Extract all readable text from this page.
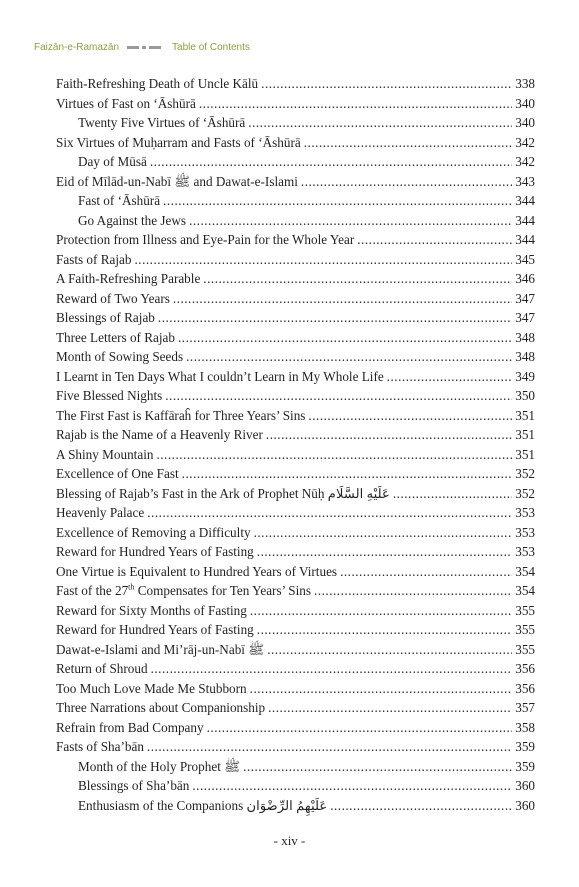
Faizān-e-Ramazān	Table of Contents
Faith-Refreshing Death of Uncle Kālū .....	338
Virtues of Fast on ‘Āshūrā .....	340
Twenty Five Virtues of ‘Āshūrā .....	340
Six Virtues of Muḥarram and Fasts of ‘Āshūrā .....	342
Day of Mūsā .....	342
Eid of Mīlād-un-Nabī ﷺ and Dawat-e-Islami .....	343
Fast of ‘Āshūrā .....	344
Go Against the Jews .....	344
Protection from Illness and Eye-Pain for the Whole Year .....	344
Fasts of Rajab .....	345
A Faith-Refreshing Parable .....	346
Reward of Two Years .....	347
Blessings of Rajab .....	347
Three Letters of Rajab .....	348
Month of Sowing Seeds .....	348
I Learnt in Ten Days What I couldn’t Learn in My Whole Life .....	349
Five Blessed Nights .....	350
The First Fast is Kaffāraĥ for Three Years’ Sins .....	351
Rajab is the Name of a Heavenly River .....	351
A Shiny Mountain .....	351
Excellence of One Fast .....	352
Blessing of Rajab’s Fast in the Ark of Prophet Nūḥ عَلَيْهِ السَّلَام .....	352
Heavenly Palace .....	353
Excellence of Removing a Difficulty .....	353
Reward for Hundred Years of Fasting .....	353
One Virtue is Equivalent to Hundred Years of Virtues .....	354
Fast of the 27th Compensates for Ten Years’ Sins .....	354
Reward for Sixty Months of Fasting .....	355
Reward for Hundred Years of Fasting .....	355
Dawat-e-Islami and Mi’rāj-un-Nabī ﷺ .....	355
Return of Shroud .....	356
Too Much Love Made Me Stubborn .....	356
Three Narrations about Companionship .....	357
Refrain from Bad Company .....	358
Fasts of Sha’bān .....	359
Month of the Holy Prophet ﷺ .....	359
Blessings of Sha’bān .....	360
Enthusiasm of the Companions عَلَيْهِمُ الرِّضْوَان .....	360
- xiv -
